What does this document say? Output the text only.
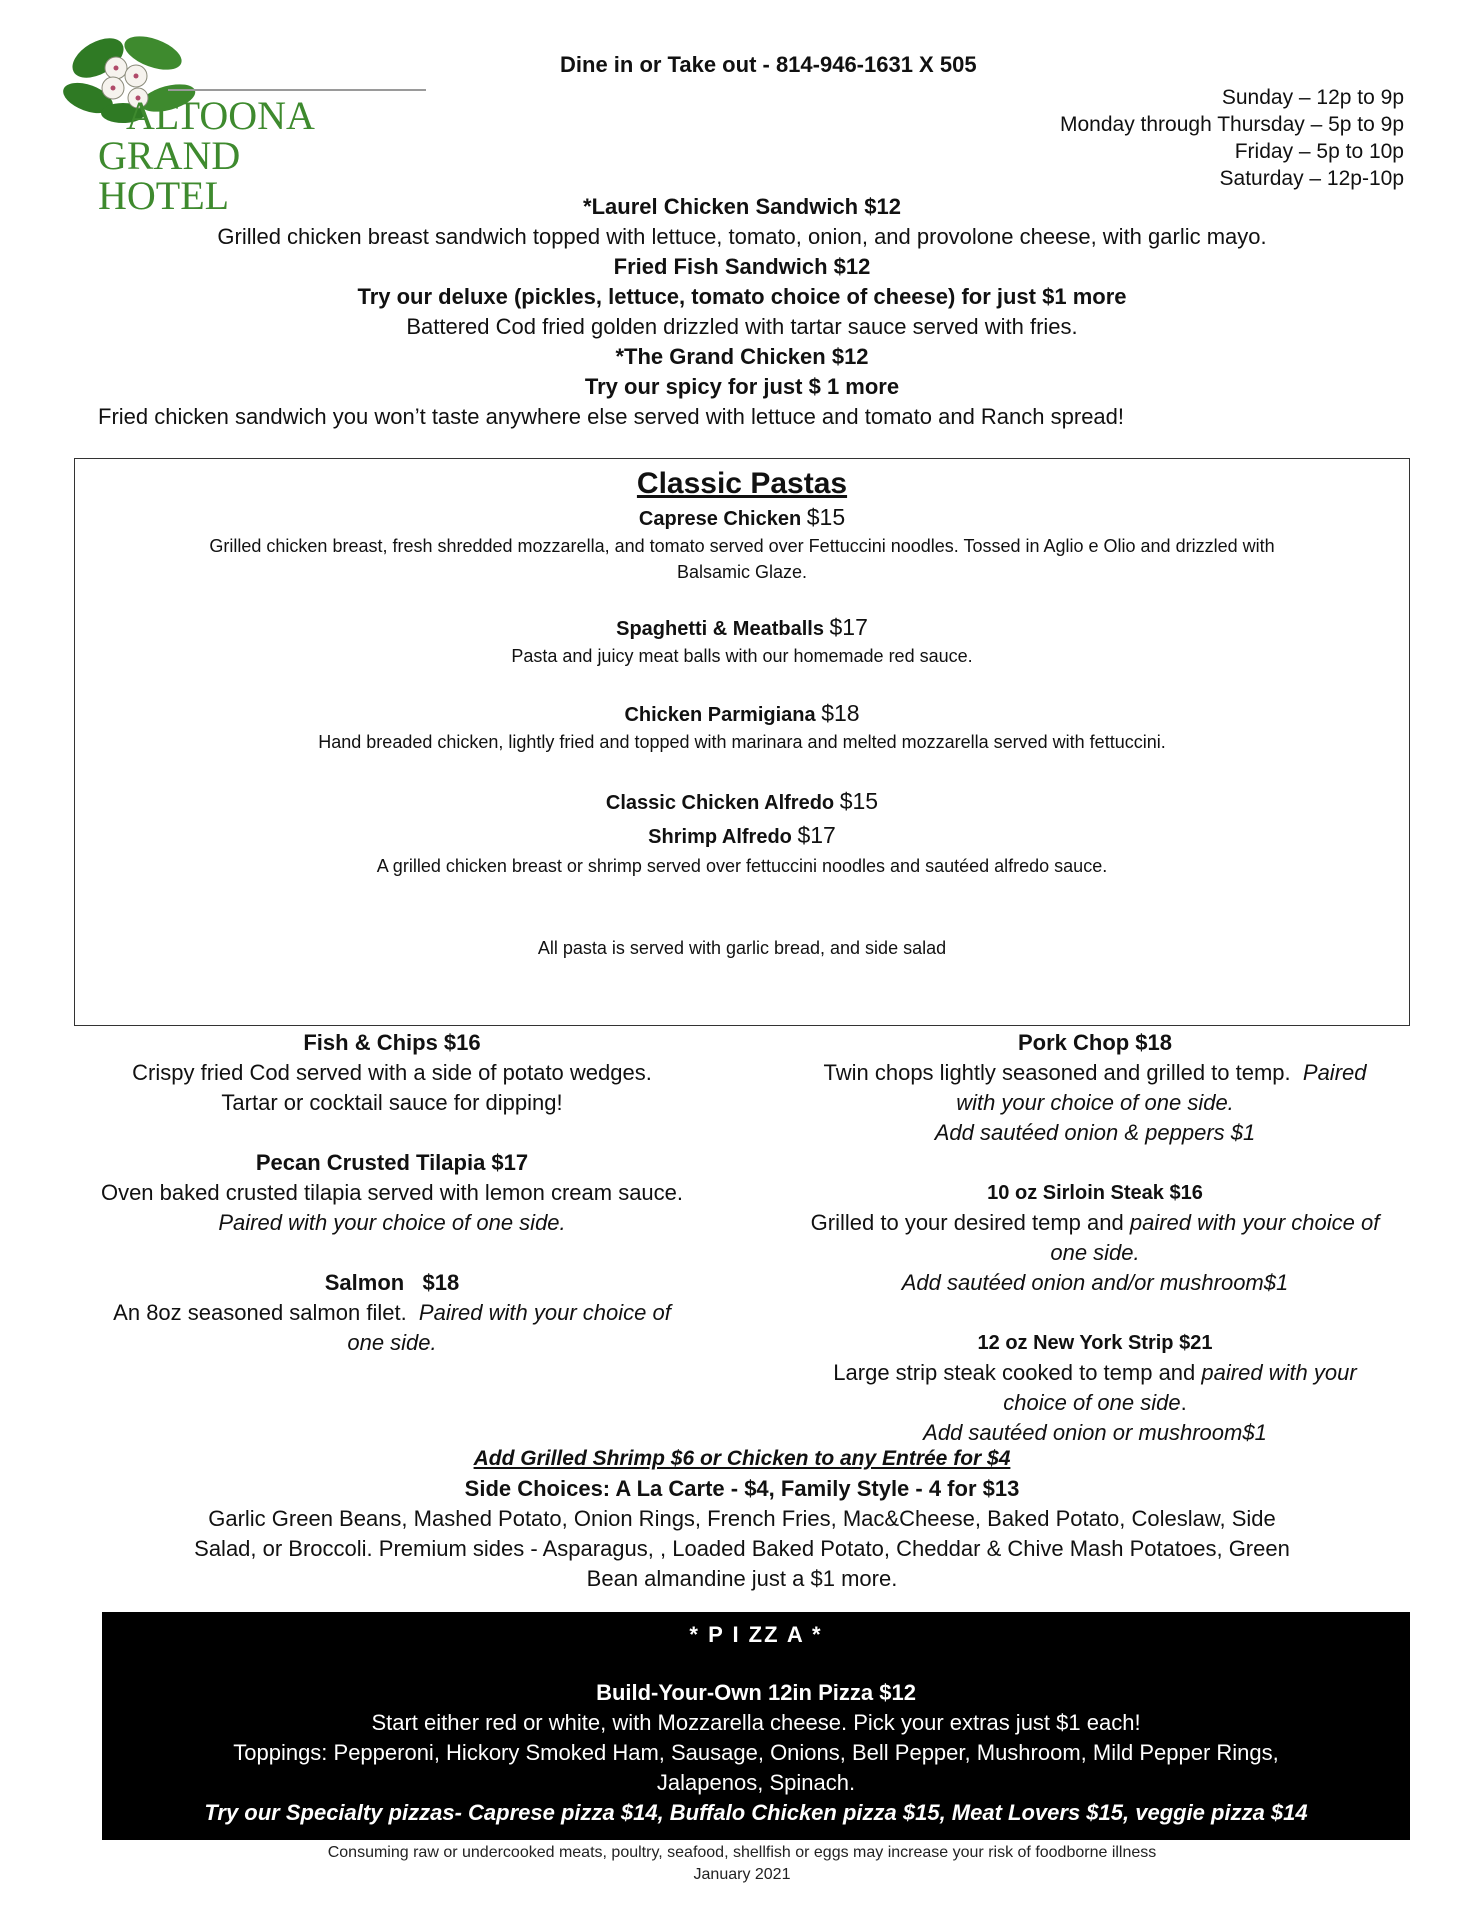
ALTOONA
GRAND HOTEL
Dine in or Take out - 814-946-1631 X 505
Sunday – 12p to 9p
Monday through Thursday – 5p to 9p
Friday – 5p to 10p
Saturday – 12p-10p
*Laurel Chicken Sandwich $12
Grilled chicken breast sandwich topped with lettuce, tomato, onion, and provolone cheese, with garlic mayo.
Fried Fish Sandwich $12
Try our deluxe (pickles, lettuce, tomato choice of cheese) for just $1 more
Battered Cod fried golden drizzled with tartar sauce served with fries.
*The Grand Chicken $12
Try our spicy for just $ 1 more
Fried chicken sandwich you won’t taste anywhere else served with lettuce and tomato and Ranch spread!
Classic Pastas
Caprese Chicken $15
Grilled chicken breast, fresh shredded mozzarella, and tomato served over Fettuccini noodles. Tossed in Aglio e Olio and drizzled with
Balsamic Glaze.
Spaghetti & Meatballs $17
Pasta and juicy meat balls with our homemade red sauce.
Chicken Parmigiana $18
Hand breaded chicken, lightly fried and topped with marinara and melted mozzarella served with fettuccini.
Classic Chicken Alfredo $15
Shrimp Alfredo $17
A grilled chicken breast or shrimp served over fettuccini noodles and sautéed alfredo sauce.
All pasta is served with garlic bread, and side salad
Fish & Chips $16
Crispy fried Cod served with a side of potato wedges.
Tartar or cocktail sauce for dipping!
Pecan Crusted Tilapia $17
Oven baked crusted tilapia served with lemon cream sauce.
Paired with your choice of one side.
Salmon   $18
An 8oz seasoned salmon filet. Paired with your choice of
one side.
Pork Chop $18
Twin chops lightly seasoned and grilled to temp. Paired
with your choice of one side.
Add sautéed onion & peppers $1
10 oz Sirloin Steak $16
Grilled to your desired temp and paired with your choice of
one side.
Add sautéed onion and/or mushroom$1
12 oz New York Strip $21
Large strip steak cooked to temp and paired with your
choice of one side.
Add sautéed onion or mushroom$1
Add Grilled Shrimp $6 or Chicken to any Entrée for $4
Side Choices: A La Carte - $4, Family Style - 4 for $13
Garlic Green Beans, Mashed Potato, Onion Rings, French Fries, Mac&Cheese, Baked Potato, Coleslaw, Side
Salad, or Broccoli. Premium sides - Asparagus, , Loaded Baked Potato, Cheddar & Chive Mash Potatoes, Green
Bean almandine just a $1 more.
* P I ZZ A *
Build-Your-Own 12in Pizza $12
Start either red or white, with Mozzarella cheese. Pick your extras just $1 each!
Toppings: Pepperoni, Hickory Smoked Ham, Sausage, Onions, Bell Pepper, Mushroom, Mild Pepper Rings,
Jalapenos, Spinach.
Try our Specialty pizzas- Caprese pizza $14, Buffalo Chicken pizza $15, Meat Lovers $15, veggie pizza $14
Consuming raw or undercooked meats, poultry, seafood, shellfish or eggs may increase your risk of foodborne illness
January 2021
